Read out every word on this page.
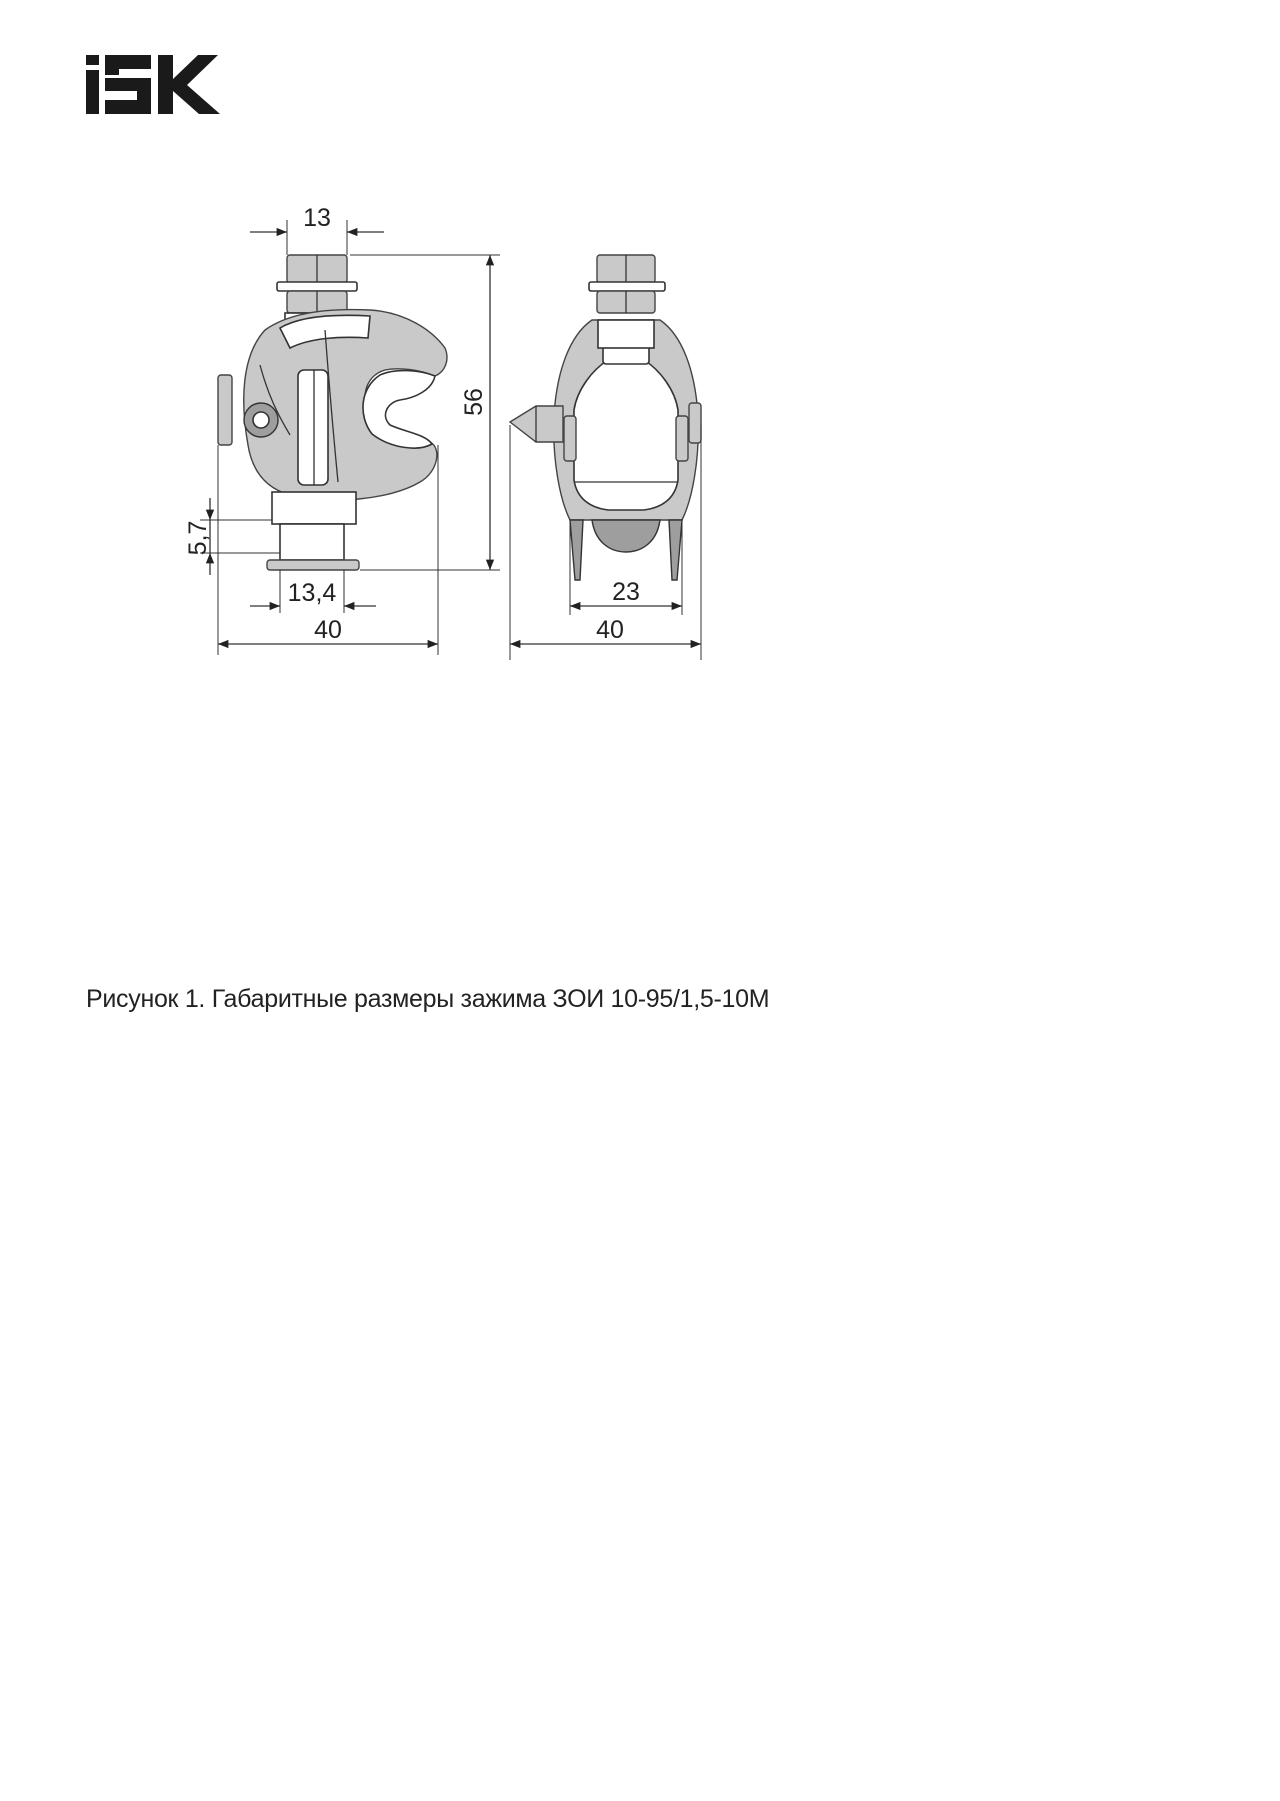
13
56
5,7
13,4
40
23
40
Рисунок 1. Габаритные размеры зажима ЗОИ 10-95/1,5-10М
